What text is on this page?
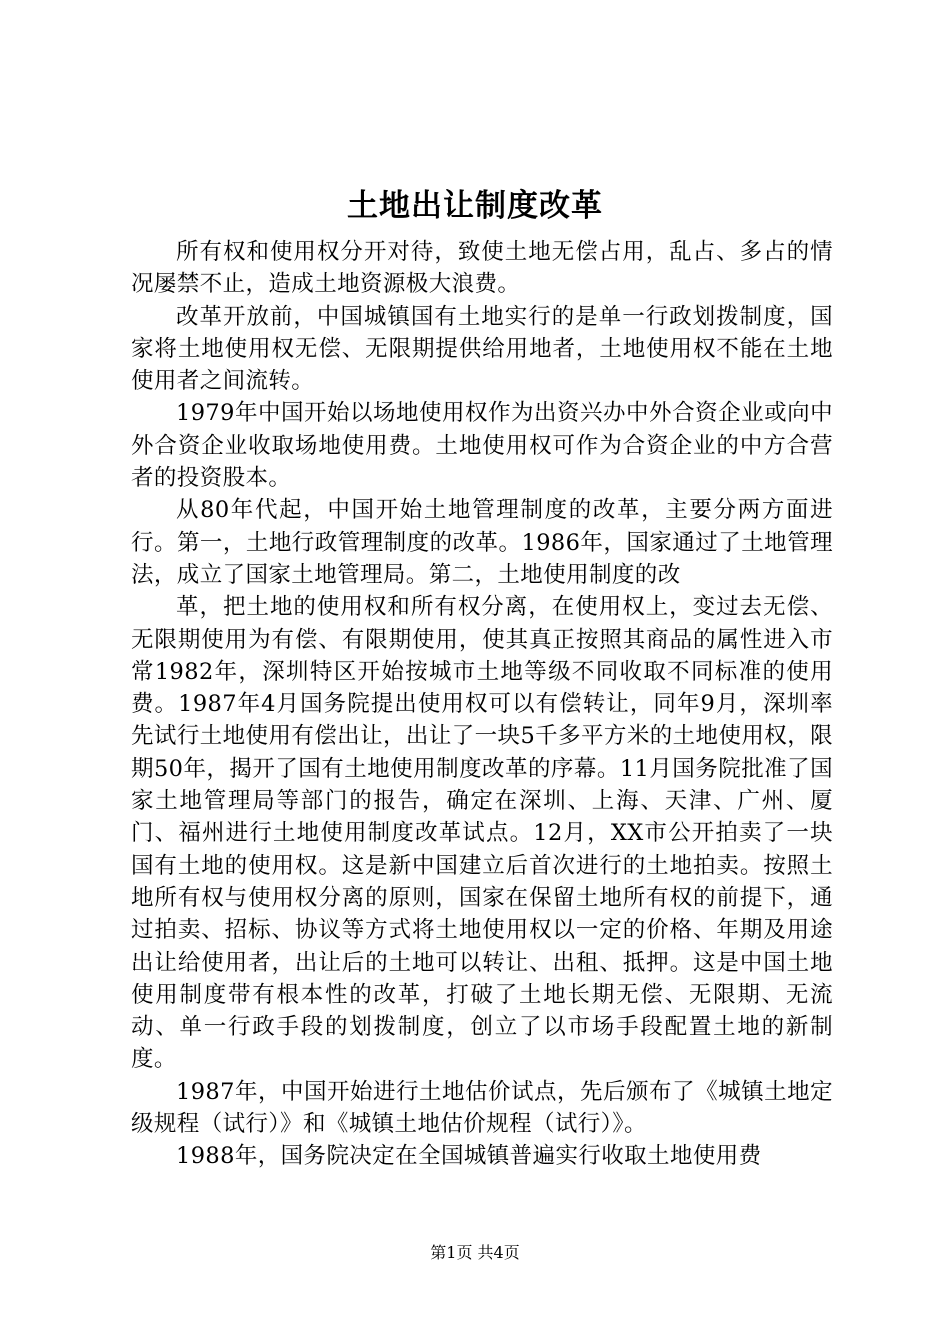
土地出让制度改革

所有权和使用权分开对待，致使土地无偿占用，乱占、多占的情况屡禁不止，造成土地资源极大浪费。

改革开放前，中国城镇国有土地实行的是单一行政划拨制度，国家将土地使用权无偿、无限期提供给用地者，土地使用权不能在土地使用者之间流转。

1979年中国开始以场地使用权作为出资兴办中外合资企业或向中外合资企业收取场地使用费。土地使用权可作为合资企业的中方合营者的投资股本。

从80年代起，中国开始土地管理制度的改革，主要分两方面进行。第一，土地行政管理制度的改革。1986年，国家通过了土地管理法，成立了国家土地管理局。第二，土地使用制度的改

革，把土地的使用权和所有权分离，在使用权上，变过去无偿、无限期使用为有偿、有限期使用，使其真正按照其商品的属性进入市常1982年，深圳特区开始按城市土地等级不同收取不同标准的使用费。1987年4月国务院提出使用权可以有偿转让，同年9月，深圳率先试行土地使用有偿出让，出让了一块5千多平方米的土地使用权，限期50年，揭开了国有土地使用制度改革的序幕。11月国务院批准了国家土地管理局等部门的报告，确定在深圳、上海、天津、广州、厦门、福州进行土地使用制度改革试点。12月，XX市公开拍卖了一块国有土地的使用权。这是新中国建立后首次进行的土地拍卖。按照土地所有权与使用权分离的原则，国家在保留土地所有权的前提下，通过拍卖、招标、协议等方式将土地使用权以一定的价格、年期及用途出让给使用者，出让后的土地可以转让、出租、抵押。这是中国土地使用制度带有根本性的改革，打破了土地长期无偿、无限期、无流动、单一行政手段的划拨制度，创立了以市场手段配置土地的新制度。

1987年，中国开始进行土地估价试点，先后颁布了《城镇土地定级规程（试行）》和《城镇土地估价规程（试行）》。

1988年，国务院决定在全国城镇普遍实行收取土地使用费

第1页 共4页
